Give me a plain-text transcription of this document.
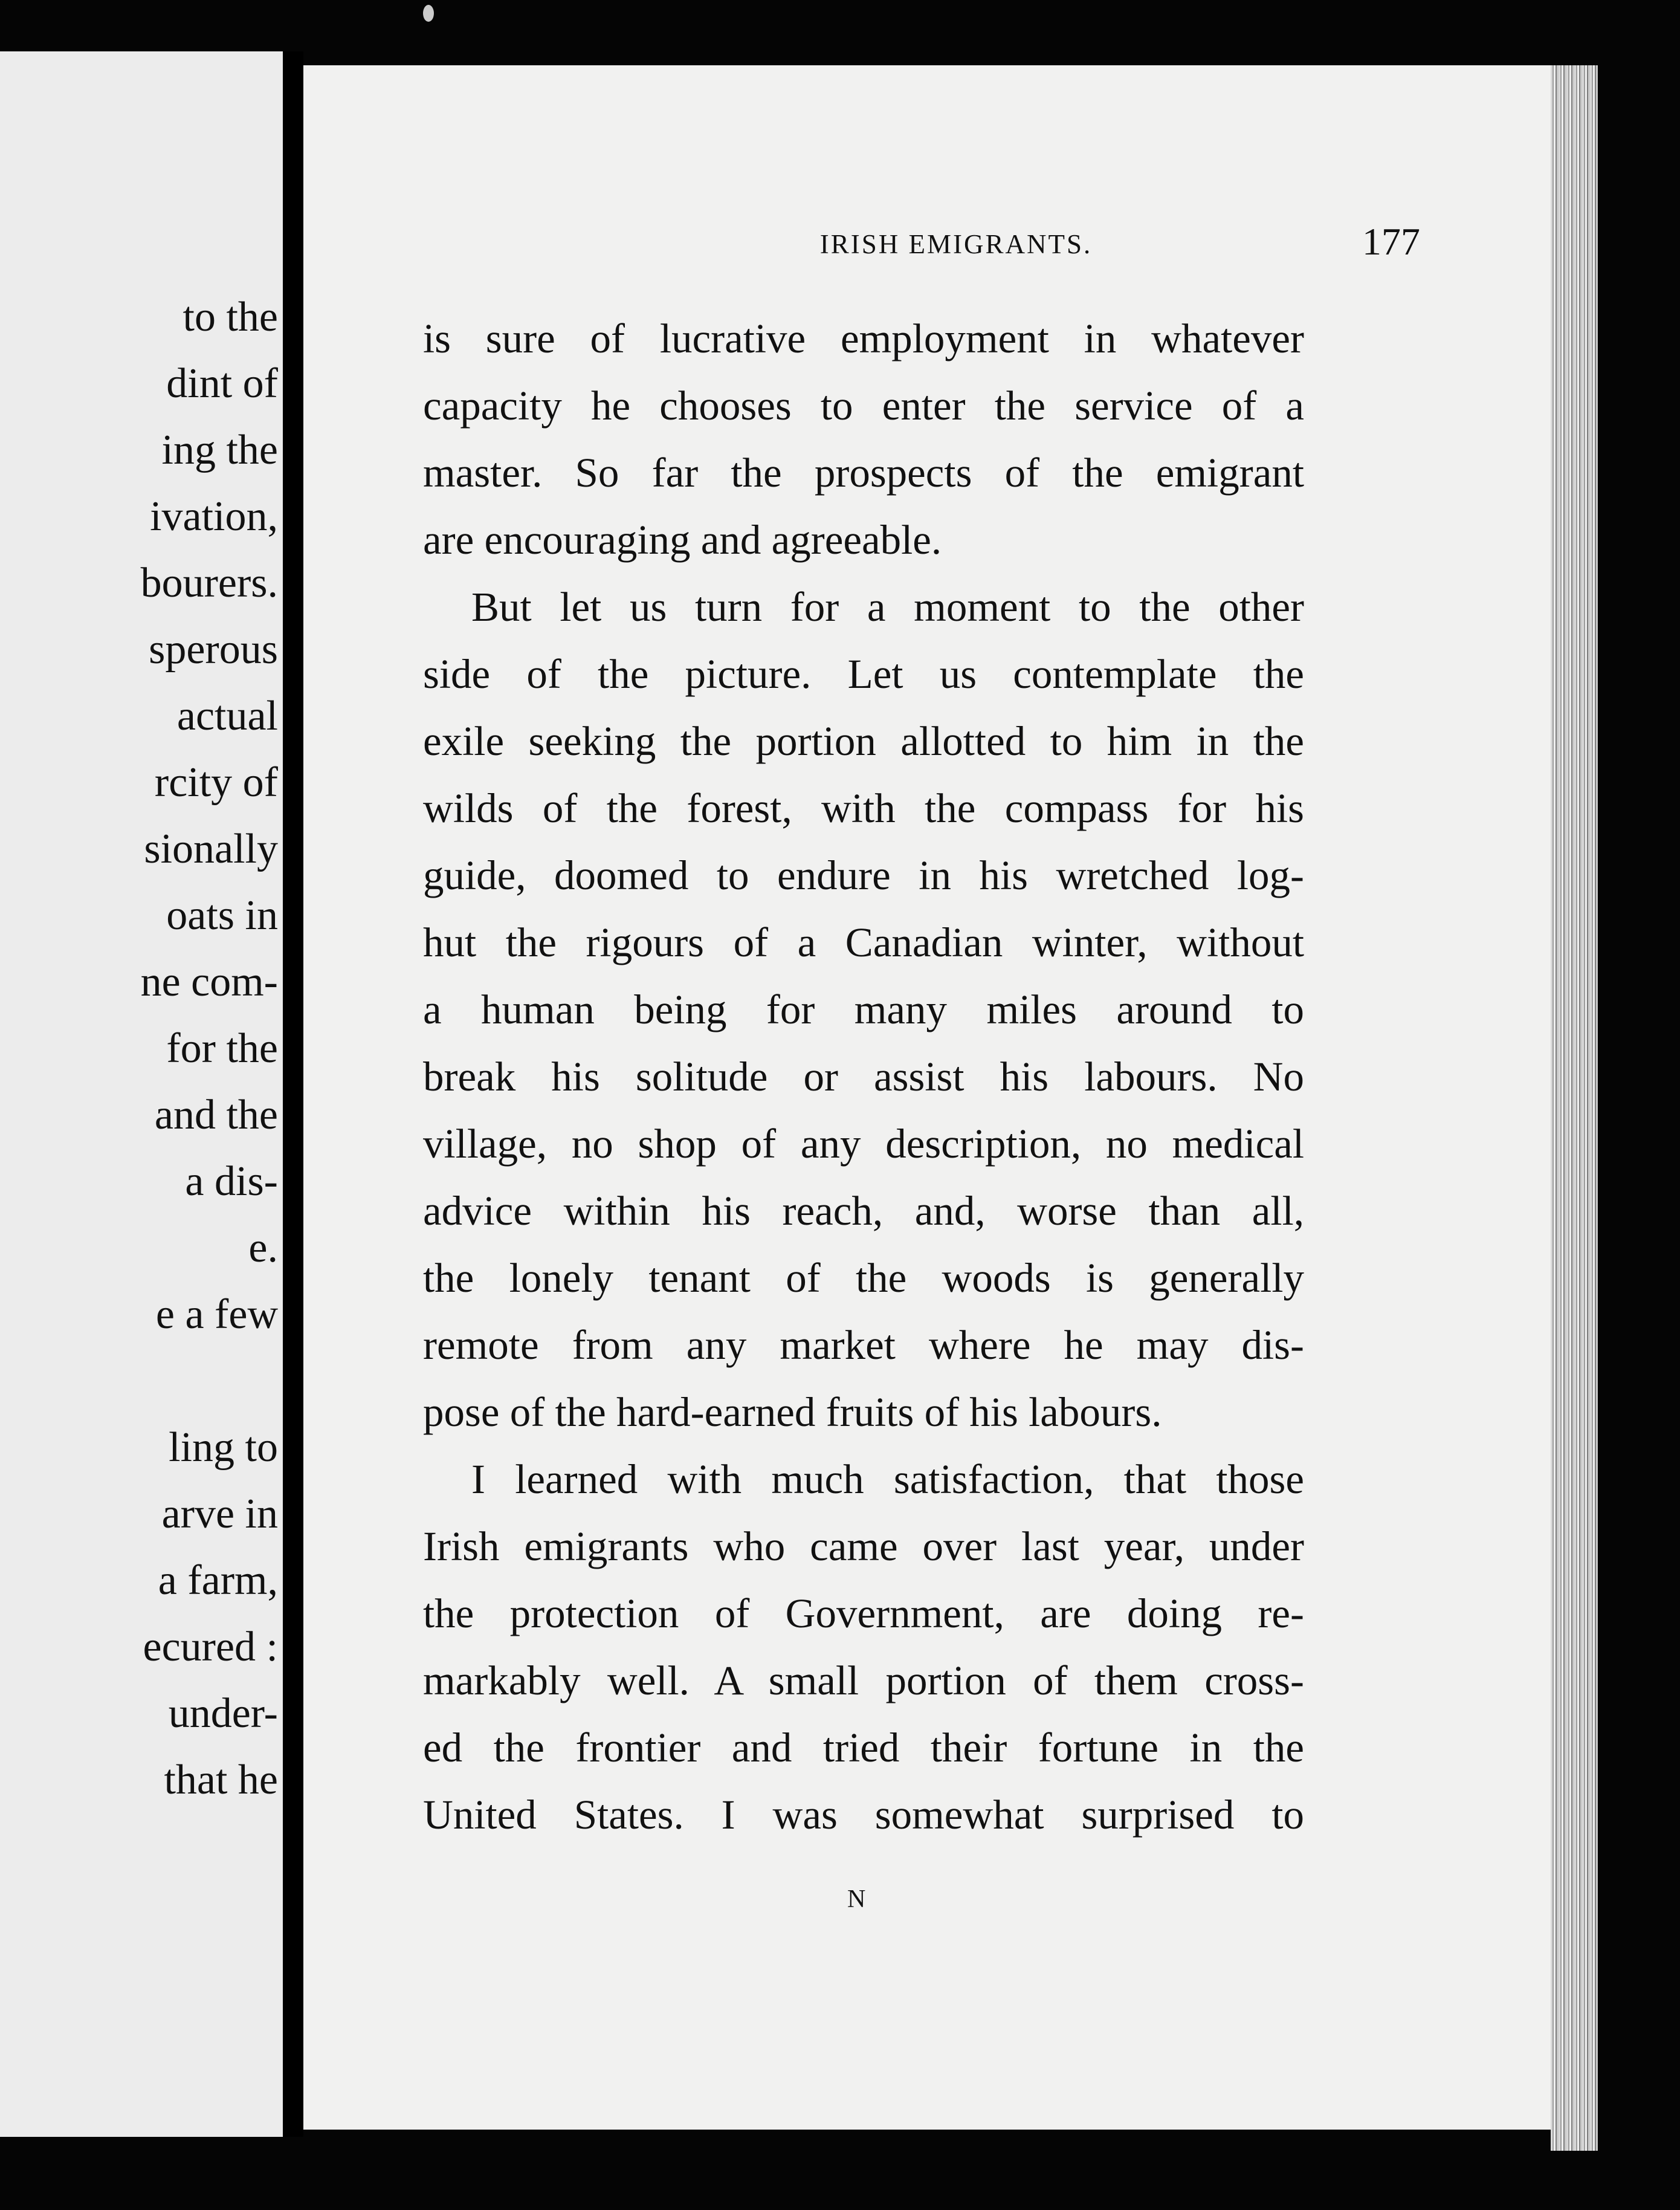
to the
dint of
ing the
ivation,
bourers.
sperous
actual
rcity of
sionally
oats in
ne com-
for the
and the
a dis-
e.
e a few
ling to
arve in
a farm,
ecured :
under-
that he
IRISH EMIGRANTS.	177
is sure of lucrative employment in whatever
capacity he chooses to enter the service of a
master. So far the prospects of the emigrant
are encouraging and agreeable.
But let us turn for a moment to the other
side of the picture. Let us contemplate the
exile seeking the portion allotted to him in the
wilds of the forest, with the compass for his
guide, doomed to endure in his wretched log-
hut the rigours of a Canadian winter, without
a human being for many miles around to
break his solitude or assist his labours. No
village, no shop of any description, no medical
advice within his reach, and, worse than all,
the lonely tenant of the woods is generally
remote from any market where he may dis-
pose of the hard-earned fruits of his labours.
I learned with much satisfaction, that those
Irish emigrants who came over last year, under
the protection of Government, are doing re-
markably well. A small portion of them cross-
ed the frontier and tried their fortune in the
United States. I was somewhat surprised to
N
